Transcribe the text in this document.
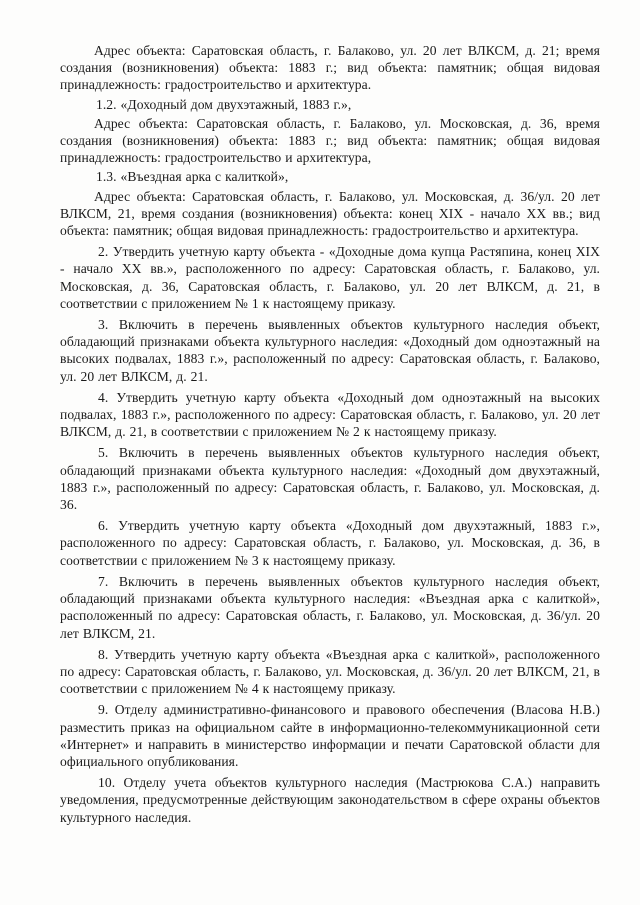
Адрес объекта: Саратовская область, г. Балаково, ул. 20 лет ВЛКСМ, д. 21; время создания (возникновения) объекта: 1883 г.; вид объекта: памятник; общая видовая принадлежность: градостроительство и архитектура.

1.2. «Доходный дом двухэтажный, 1883 г.»,

Адрес объекта: Саратовская область, г. Балаково, ул. Московская, д. 36, время создания (возникновения) объекта: 1883 г.; вид объекта: памятник; общая видовая принадлежность: градостроительство и архитектура,

1.3. «Въездная арка с калиткой»,

Адрес объекта: Саратовская область, г. Балаково, ул. Московская, д. 36/ул. 20 лет ВЛКСМ, 21, время создания (возникновения) объекта: конец XIX - начало XX вв.; вид объекта: памятник; общая видовая принадлежность: градостроительство и архитектура.

2. Утвердить учетную карту объекта - «Доходные дома купца Растяпина, конец XIX - начало XX вв.», расположенного по адресу: Саратовская область, г. Балаково, ул. Московская, д. 36, Саратовская область, г. Балаково, ул. 20 лет ВЛКСМ, д. 21, в соответствии с приложением № 1 к настоящему приказу.

3. Включить в перечень выявленных объектов культурного наследия объект, обладающий признаками объекта культурного наследия: «Доходный дом одноэтажный на высоких подвалах, 1883 г.», расположенный по адресу: Саратовская область, г. Балаково, ул. 20 лет ВЛКСМ, д. 21.

4. Утвердить учетную карту объекта «Доходный дом одноэтажный на высоких подвалах, 1883 г.», расположенного по адресу: Саратовская область, г. Балаково, ул. 20 лет ВЛКСМ, д. 21, в соответствии с приложением № 2 к настоящему приказу.

5. Включить в перечень выявленных объектов культурного наследия объект, обладающий признаками объекта культурного наследия: «Доходный дом двухэтажный, 1883 г.», расположенный по адресу: Саратовская область, г. Балаково, ул. Московская, д. 36.

6. Утвердить учетную карту объекта «Доходный дом двухэтажный, 1883 г.», расположенного по адресу: Саратовская область, г. Балаково, ул. Московская, д. 36, в соответствии с приложением № 3 к настоящему приказу.

7. Включить в перечень выявленных объектов культурного наследия объект, обладающий признаками объекта культурного наследия: «Въездная арка с калиткой», расположенный по адресу: Саратовская область, г. Балаково, ул. Московская, д. 36/ул. 20 лет ВЛКСМ, 21.

8. Утвердить учетную карту объекта «Въездная арка с калиткой», расположенного по адресу: Саратовская область, г. Балаково, ул. Московская, д. 36/ул. 20 лет ВЛКСМ, 21, в соответствии с приложением № 4 к настоящему приказу.

9. Отделу административно-финансового и правового обеспечения (Власова Н.В.) разместить приказ на официальном сайте в информационно-телекоммуникационной сети «Интернет» и направить в министерство информации и печати Саратовской области для официального опубликования.

10. Отделу учета объектов культурного наследия (Мастрюкова С.А.) направить уведомления, предусмотренные действующим законодательством в сфере охраны объектов культурного наследия.
